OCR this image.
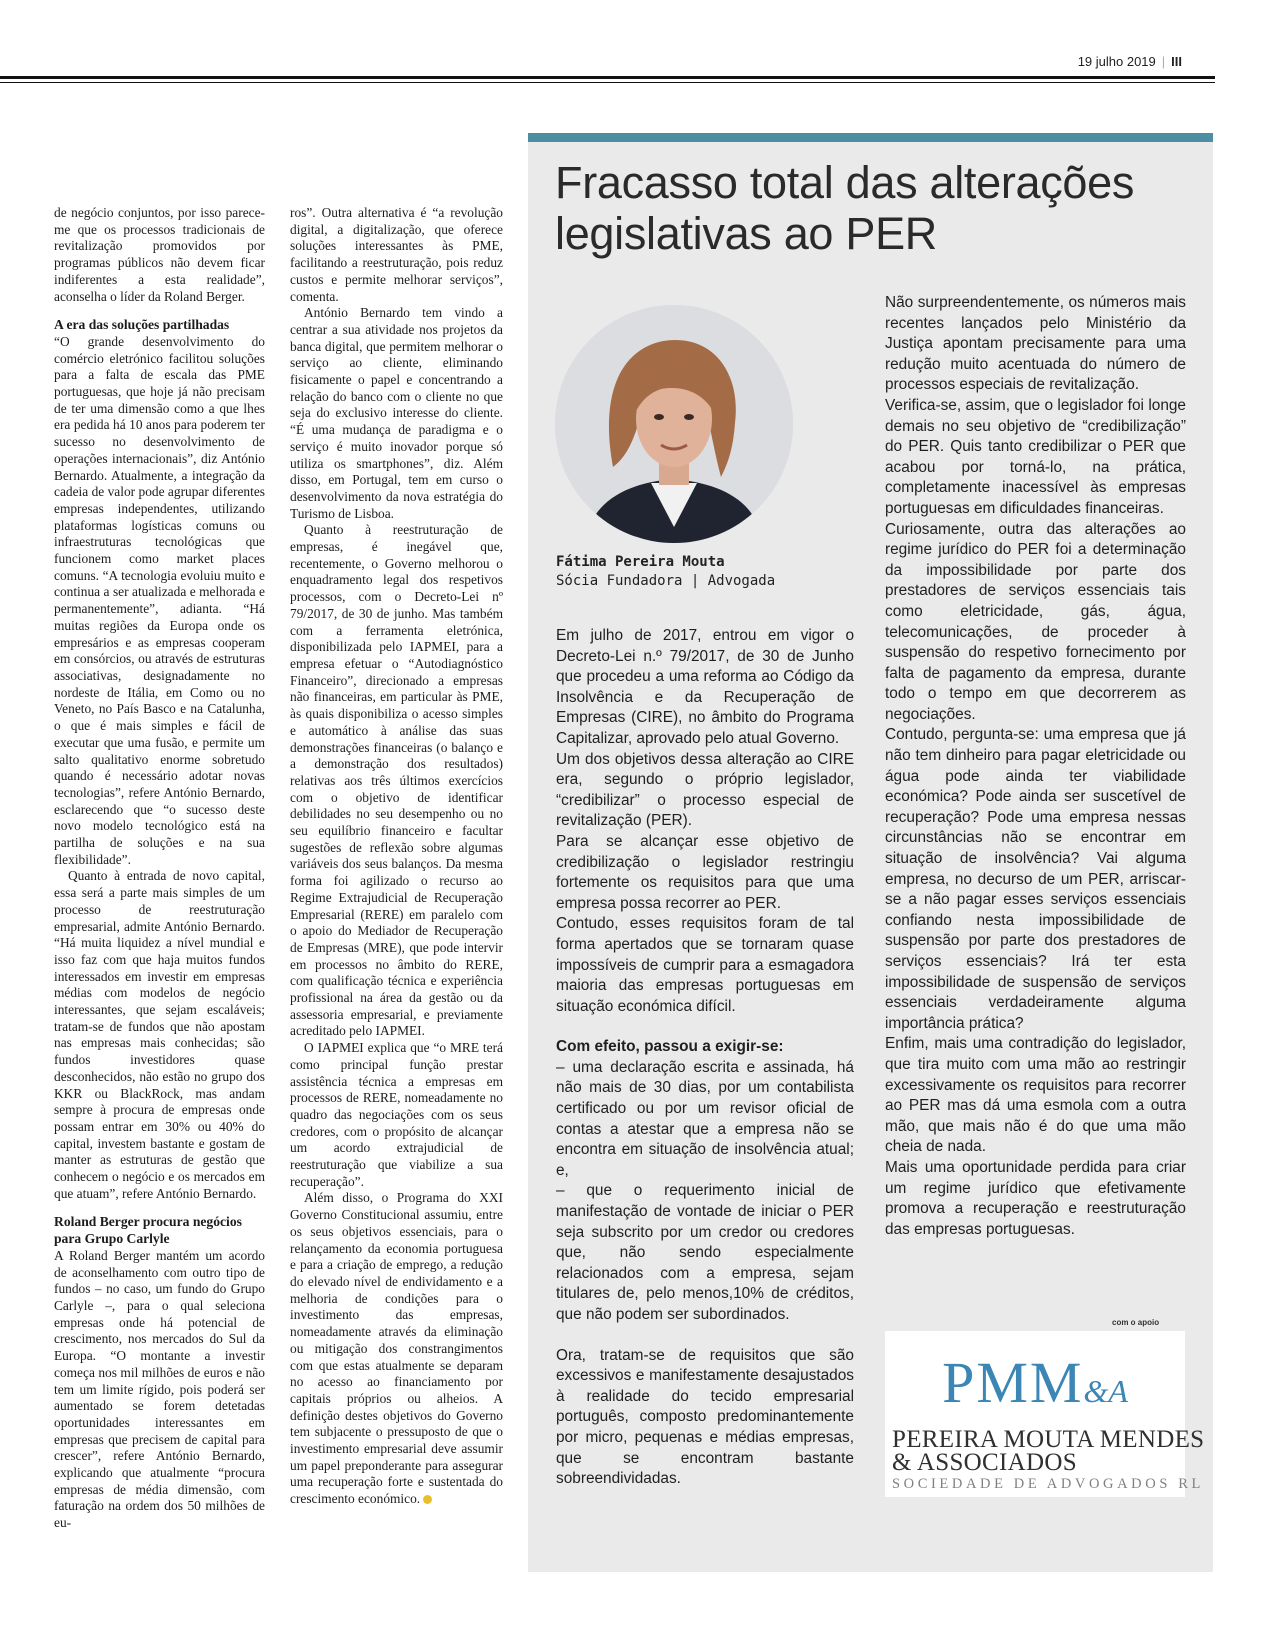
19 julho 2019 | III

de negócio conjuntos, por isso parece-me que os processos tradicionais de revitalização promovidos por programas públicos não devem ficar indiferentes a esta realidade”, aconselha o líder da Roland Berger.

A era das soluções partilhadas

“O grande desenvolvimento do comércio eletrónico facilitou soluções para a falta de escala das PME portuguesas, que hoje já não precisam de ter uma dimensão como a que lhes era pedida há 10 anos para poderem ter sucesso no desenvolvimento de operações internacionais”, diz António Bernardo. Atualmente, a integração da cadeia de valor pode agrupar diferentes empresas independentes, utilizando plataformas logísticas comuns ou infraestruturas tecnológicas que funcionem como market places comuns. “A tecnologia evoluiu muito e continua a ser atualizada e melhorada e permanentemente”, adianta. “Há muitas regiões da Europa onde os empresários e as empresas cooperam em consórcios, ou através de estruturas associativas, designadamente no nordeste de Itália, em Como ou no Veneto, no País Basco e na Catalunha, o que é mais simples e fácil de executar que uma fusão, e permite um salto qualitativo enorme sobretudo quando é necessário adotar novas tecnologias”, refere António Bernardo, esclarecendo que “o sucesso deste novo modelo tecnológico está na partilha de soluções e na sua flexibilidade”.

Quanto à entrada de novo capital, essa será a parte mais simples de um processo de reestruturação empresarial, admite António Bernardo. “Há muita liquidez a nível mundial e isso faz com que haja muitos fundos interessados em investir em empresas médias com modelos de negócio interessantes, que sejam escaláveis; tratam-se de fundos que não apostam nas empresas mais conhecidas; são fundos investidores quase desconhecidos, não estão no grupo dos KKR ou BlackRock, mas andam sempre à procura de empresas onde possam entrar em 30% ou 40% do capital, investem bastante e gostam de manter as estruturas de gestão que conhecem o negócio e os mercados em que atuam”, refere António Bernardo.

Roland Berger procura negócios para Grupo Carlyle

A Roland Berger mantém um acordo de aconselhamento com outro tipo de fundos – no caso, um fundo do Grupo Carlyle –, para o qual seleciona empresas onde há potencial de crescimento, nos mercados do Sul da Europa. “O montante a investir começa nos mil milhões de euros e não tem um limite rígido, pois poderá ser aumentado se forem detetadas oportunidades interessantes em empresas que precisem de capital para crescer”, refere António Bernardo, explicando que atualmente “procura empresas de média dimensão, com faturação na ordem dos 50 milhões de eu-

ros”. Outra alternativa é “a revolução digital, a digitalização, que oferece soluções interessantes às PME, facilitando a reestruturação, pois reduz custos e permite melhorar serviços”, comenta.

António Bernardo tem vindo a centrar a sua atividade nos projetos da banca digital, que permitem melhorar o serviço ao cliente, eliminando fisicamente o papel e concentrando a relação do banco com o cliente no que seja do exclusivo interesse do cliente. “É uma mudança de paradigma e o serviço é muito inovador porque só utiliza os smartphones”, diz. Além disso, em Portugal, tem em curso o desenvolvimento da nova estratégia do Turismo de Lisboa.

Quanto à reestruturação de empresas, é inegável que, recentemente, o Governo melhorou o enquadramento legal dos respetivos processos, com o Decreto-Lei nº 79/2017, de 30 de junho. Mas também com a ferramenta eletrónica, disponibilizada pelo IAPMEI, para a empresa efetuar o “Autodiagnóstico Financeiro”, direcionado a empresas não financeiras, em particular às PME, às quais disponibiliza o acesso simples e automático à análise das suas demonstrações financeiras (o balanço e a demonstração dos resultados) relativas aos três últimos exercícios com o objetivo de identificar debilidades no seu desempenho ou no seu equilíbrio financeiro e facultar sugestões de reflexão sobre algumas variáveis dos seus balanços. Da mesma forma foi agilizado o recurso ao Regime Extrajudicial de Recuperação Empresarial (RERE) em paralelo com o apoio do Mediador de Recuperação de Empresas (MRE), que pode intervir em processos no âmbito do RERE, com qualificação técnica e experiência profissional na área da gestão ou da assessoria empresarial, e previamente acreditado pelo IAPMEI.

O IAPMEI explica que “o MRE terá como principal função prestar assistência técnica a empresas em processos de RERE, nomeadamente no quadro das negociações com os seus credores, com o propósito de alcançar um acordo extrajudicial de reestruturação que viabilize a sua recuperação”.

Além disso, o Programa do XXI Governo Constitucional assumiu, entre os seus objetivos essenciais, para o relançamento da economia portuguesa e para a criação de emprego, a redução do elevado nível de endividamento e a melhoria de condições para o investimento das empresas, nomeadamente através da eliminação ou mitigação dos constrangimentos com que estas atualmente se deparam no acesso ao financiamento por capitais próprios ou alheios. A definição destes objetivos do Governo tem subjacente o pressuposto de que o investimento empresarial deve assumir um papel preponderante para assegurar uma recuperação forte e sustentada do crescimento económico.

Fracasso total das alterações legislativas ao PER
Fátima Pereira Mouta
Sócia Fundadora | Advogada

Em julho de 2017, entrou em vigor o Decreto-Lei n.º 79/2017, de 30 de Junho que procedeu a uma reforma ao Código da Insolvência e da Recuperação de Empresas (CIRE), no âmbito do Programa Capitalizar, aprovado pelo atual Governo.

Um dos objetivos dessa alteração ao CIRE era, segundo o próprio legislador, “credibilizar” o processo especial de revitalização (PER).

Para se alcançar esse objetivo de credibilização o legislador restringiu fortemente os requisitos para que uma empresa possa recorrer ao PER.

Contudo, esses requisitos foram de tal forma apertados que se tornaram quase impossíveis de cumprir para a esmagadora maioria das empresas portuguesas em situação económica difícil.

Com efeito, passou a exigir-se:

– uma declaração escrita e assinada, há não mais de 30 dias, por um contabilista certificado ou por um revisor oficial de contas a atestar que a empresa não se encontra em situação de insolvência atual; e,

– que o requerimento inicial de manifestação de vontade de iniciar o PER seja subscrito por um credor ou credores que, não sendo especialmente relacionados com a empresa, sejam titulares de, pelo menos,10% de créditos, que não podem ser subordinados.

Ora, tratam-se de requisitos que são excessivos e manifestamente desajustados à realidade do tecido empresarial português, composto predominantemente por micro, pequenas e médias empresas, que se encontram bastante sobreendividadas.

Não surpreendentemente, os números mais recentes lançados pelo Ministério da Justiça apontam precisamente para uma redução muito acentuada do número de processos especiais de revitalização.

Verifica-se, assim, que o legislador foi longe demais no seu objetivo de “credibilização” do PER. Quis tanto credibilizar o PER que acabou por torná-lo, na prática, completamente inacessível às empresas portuguesas em dificuldades financeiras.

Curiosamente, outra das alterações ao regime jurídico do PER foi a determinação da impossibilidade por parte dos prestadores de serviços essenciais tais como eletricidade, gás, água, telecomunicações, de proceder à suspensão do respetivo fornecimento por falta de pagamento da empresa, durante todo o tempo em que decorrerem as negociações.

Contudo, pergunta-se: uma empresa que já não tem dinheiro para pagar eletricidade ou água pode ainda ter viabilidade económica? Pode ainda ser suscetível de recuperação? Pode uma empresa nessas circunstâncias não se encontrar em situação de insolvência? Vai alguma empresa, no decurso de um PER, arriscar-se a não pagar esses serviços essenciais confiando nesta impossibilidade de suspensão por parte dos prestadores de serviços essenciais? Irá ter esta impossibilidade de suspensão de serviços essenciais verdadeiramente alguma importância prática?

Enfim, mais uma contradição do legislador, que tira muito com uma mão ao restringir excessivamente os requisitos para recorrer ao PER mas dá uma esmola com a outra mão, que mais não é do que uma mão cheia de nada.

Mais uma oportunidade perdida para criar um regime jurídico que efetivamente promova a recuperação e reestruturação das empresas portuguesas.

com o apoio
PMM&A
PEREIRA MOUTA MENDES
& ASSOCIADOS
SOCIEDADE DE ADVOGADOS RL
